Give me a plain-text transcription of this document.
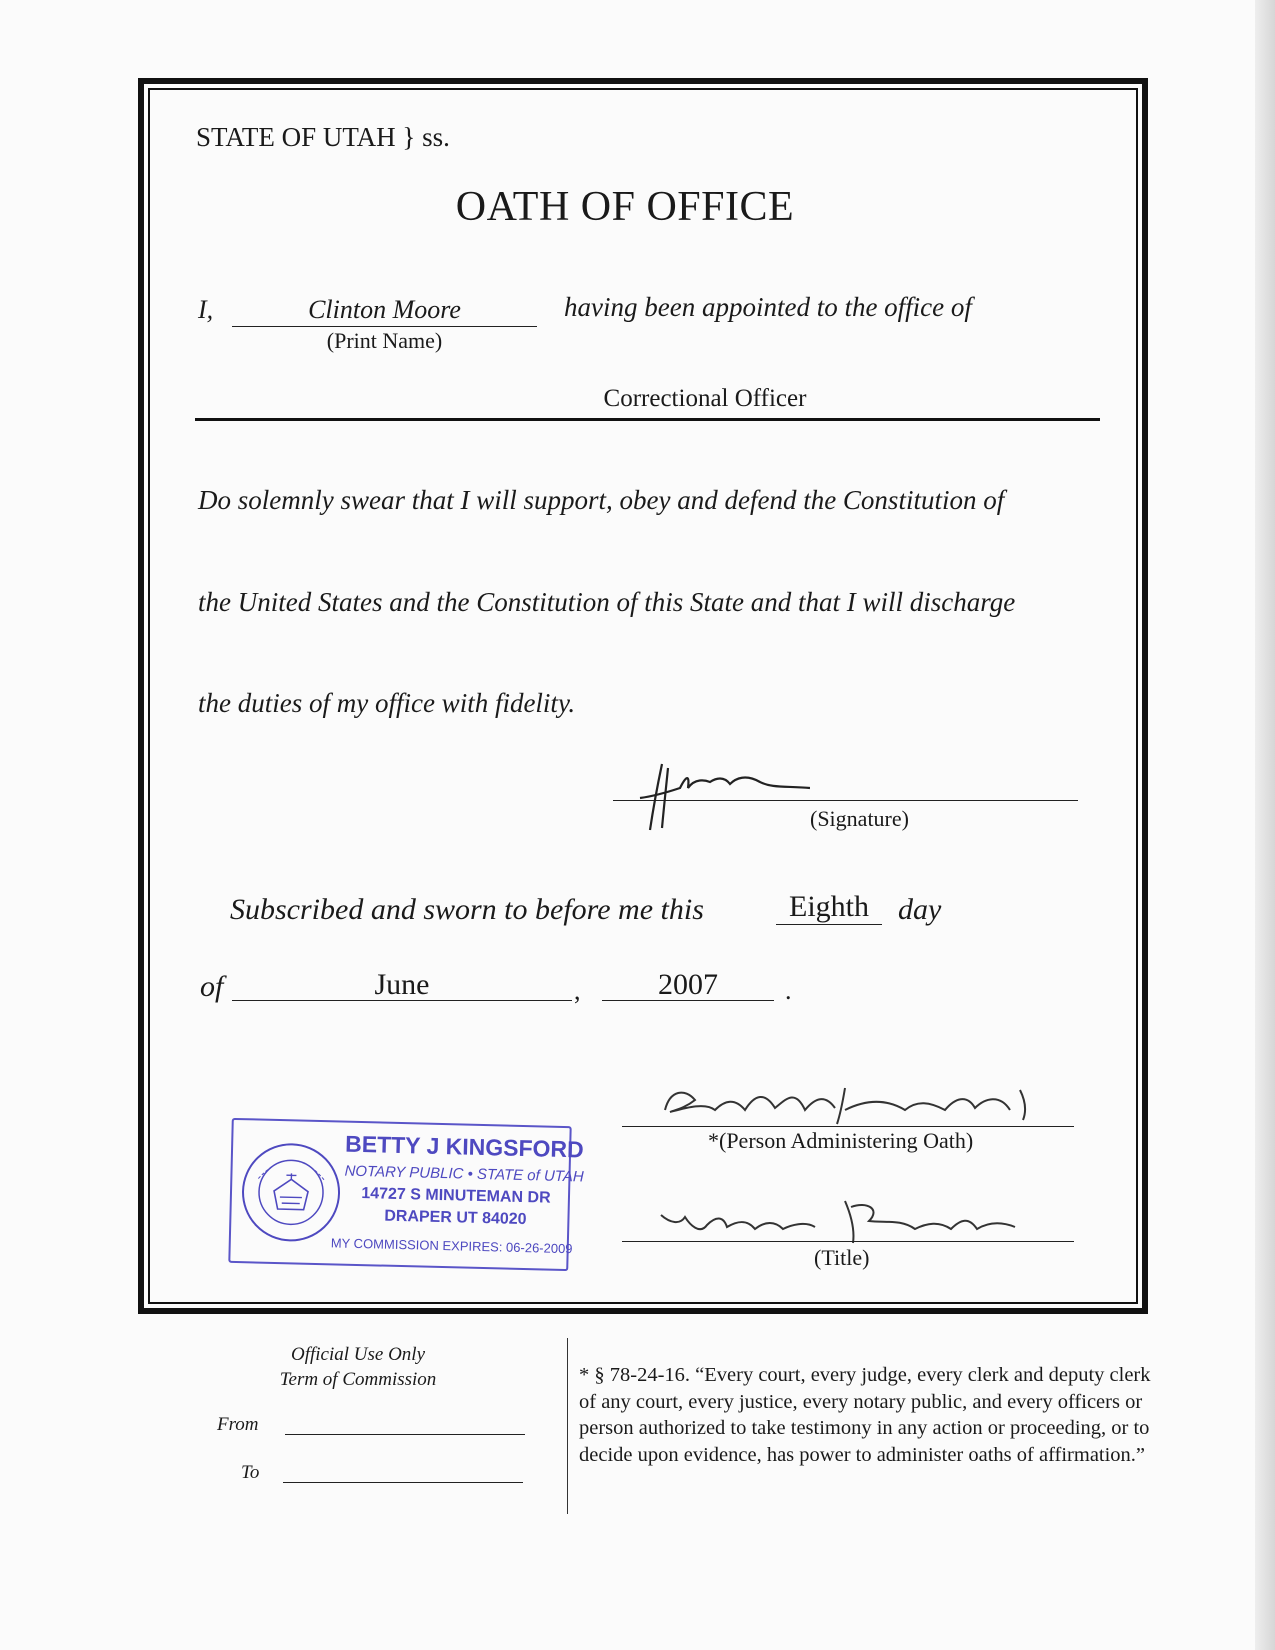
STATE OF UTAH } ss.
OATH OF OFFICE
I,	Clinton Moore	having been appointed to the office of
(Print Name)
Correctional Officer
Do solemnly swear that I will support, obey and defend the Constitution of
the United States and the Constitution of this State and that I will discharge
the duties of my office with fidelity.
(Signature)
Subscribed and sworn to before me this	Eighth day
of	June	,	2007	.
*(Person Administering Oath)
(Title)
BETTY J KINGSFORD
NOTARY PUBLIC • STATE of UTAH
14727 S MINUTEMAN DR
DRAPER UT 84020
MY COMMISSION EXPIRES: 06-26-2009
Official Use Only
Term of Commission
From
To
* § 78-24-16. “Every court, every judge, every clerk and deputy clerk of any court, every justice, every notary public, and every officers or person authorized to take testimony in any action or proceeding, or to decide upon evidence, has power to administer oaths of affirmation.”
